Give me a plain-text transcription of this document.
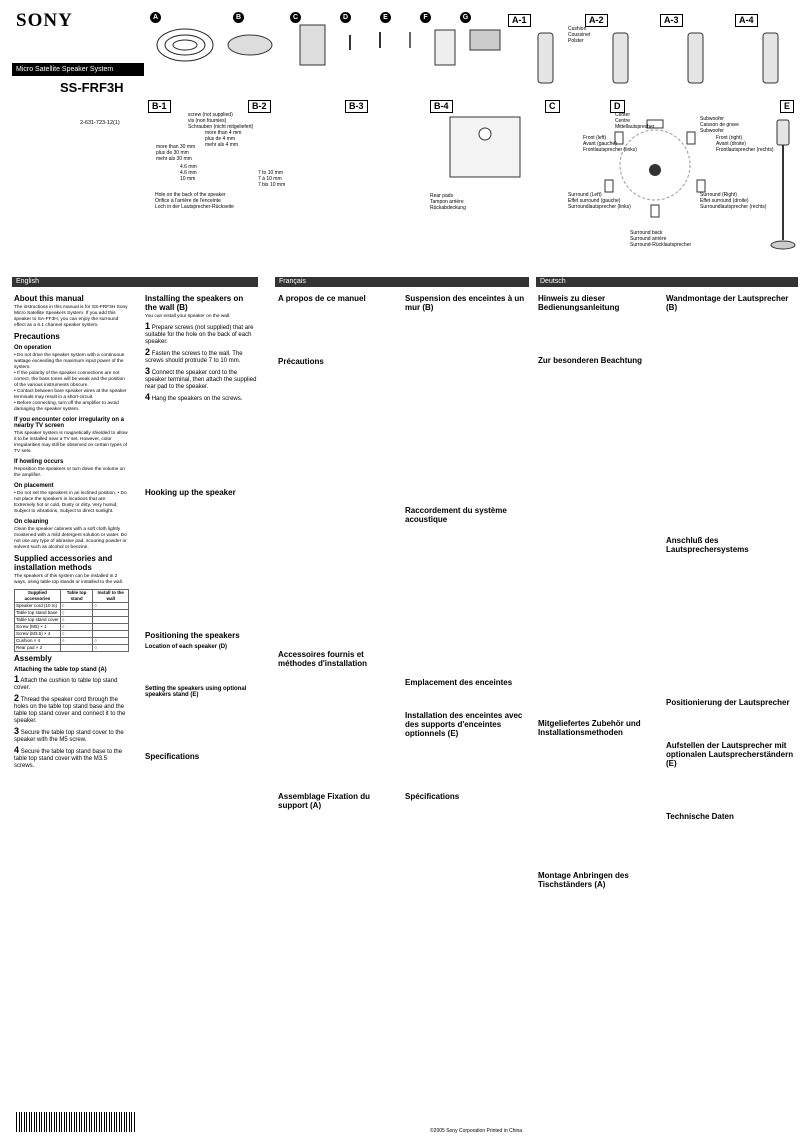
SONY
Micro Satellite Speaker System
SS-FRF3H
2-631-723-12(1)
A	B	C	D	E	F	G	A-1	A-2	A-3	A-4
Cushion
Coussinet
Polster
B-1	B-2	B-3	B-4	C	D	E
screw (not supplied)
vis (non fournies)
Schrauben (nicht mitgeliefert)
more than 4 mm
plus de 4 mm
mehr als 4 mm
more than 30 mm
plus de 30 mm
mehr als 30 mm
4.6 mm
4.6 mm
10 mm
Hole on the back of the speaker
Orifice à l'arrière de l'enceinte
Loch in der Lautsprecher-Rückseite
7 to 10 mm
7 à 10 mm
7 bis 10 mm
Rear pads
Tampon arrière
Rückabdeckung
Center
Centre
Mittellautsprecher
Subwoofer
Caisson de grave
Subwoofer
Front (left)
Avant (gauche)
Frontlautsprecher (links)
Front (right)
Avant (droite)
Frontlautsprecher (rechts)
Surround (Left)
Effet surround (gauche)
Surroundlautsprecher (links)
Surround (Right)
Effet surround (droite)
Surroundlautsprecher (rechts)
Surround back
Surround arrière
Surround-Rücklautsprecher
English	Français	Deutsch
About this manual

The instructions in this manual is for SS-FRF3H Sony Micro Satellite Speakers System. If you add this speaker to SA-FF3H, you can enjoy the surround effect as a 6.1 channel speaker system.

Precautions
On operation

• Do not drive the speaker system with a continuous wattage exceeding the maximum input power of the system.
• If the polarity of the speaker connections are not correct, the bass tones will be weak and the position of the various instruments obscure.
• Contact between bare speaker wires at the speaker terminals may result in a short-circuit.
• Before connecting, turn off the amplifier to avoid damaging the speaker system.

If you encounter color irregularity on a nearby TV screen

This speaker system is magnetically shielded to allow it to be installed near a TV set. However, color irregularities may still be observed on certain types of TV sets.

If howling occurs

Reposition the speakers or turn down the volume on the amplifier.

On placement

• Do not set the speakers in an inclined position. • Do not place the speakers in locations that are: Extremely hot or cold, Dusty or dirty, Very humid, Subject to vibrations, Subject to direct sunlight.

On cleaning

Clean the speaker cabinets with a soft cloth lightly moistened with a mild detergent solution or water. Do not use any type of abrasive pad, scouring powder or solvent such as alcohol or benzine.

Supplied accessories and installation methods

The speakers of this system can be installed in 2 ways, using table top stands or installed to the wall.

Supplied accessories	Table top stand	Install to the wall
Speaker cord (10 m)	○	○
Table top stand base	○	
Table top stand cover	○	
Screw (M5) × 1	○	
Screw (M3.5) × 4	○	
Cushion × 4	○	○
Rear pad × 2		○
Assembly
Attaching the table top stand (A)
1 Attach the cushion to table top stand cover.
2 Thread the speaker cord through the holes on the table top stand base and the table top stand cover and connect it to the speaker.
3 Secure the table top stand cover to the speaker with the M5 screw.
4 Secure the table top stand base to the table top stand cover with the M3.5 screws.
Installing the speakers on the wall (B)

You can install your speaker on the wall.

1 Prepare screws (not supplied) that are suitable for the hole on the back of each speaker.
2 Fasten the screws to the wall. The screws should protrude 7 to 10 mm.
3 Connect the speaker cord to the speaker terminal, then attach the supplied rear pad to the speaker.
4 Hang the speakers on the screws.
Hooking up the speaker
Positioning the speakers
Location of each speaker (D)
Setting the speakers using optional speakers stand (E)
Specifications
A propos de ce manuel
Précautions
Accessoires fournis et méthodes d'installation
Assemblage Fixation du support (A)
Suspension des enceintes à un mur (B)
Raccordement du système acoustique
Emplacement des enceintes
Installation des enceintes avec des supports d'enceintes optionnels (E)
Spécifications
Hinweis zu dieser Bedienungsanleitung
Zur besonderen Beachtung
Mitgeliefertes Zubehör und Installationsmethoden
Montage Anbringen des Tischständers (A)
Wandmontage der Lautsprecher (B)
Anschluß des Lautsprechersystems
Positionierung der Lautsprecher
Aufstellen der Lautsprecher mit optionalen Lautsprecherständern (E)
Technische Daten
©2005 Sony Corporation Printed in China
